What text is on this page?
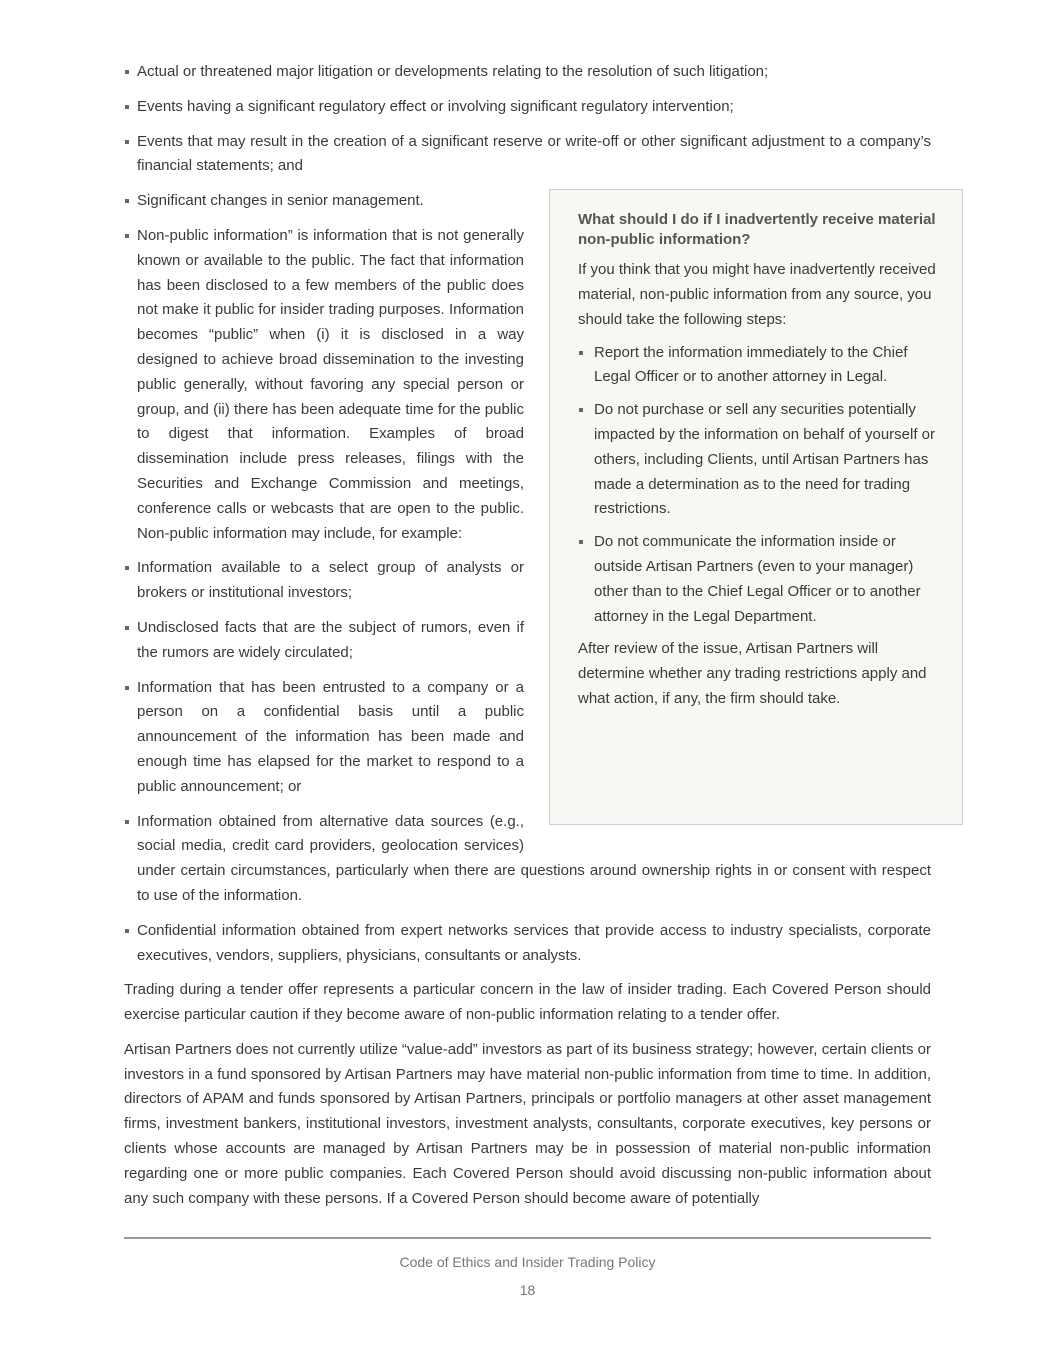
Actual or threatened major litigation or developments relating to the resolution of such litigation;
Events having a significant regulatory effect or involving significant regulatory intervention;
Events that may result in the creation of a significant reserve or write-off or other significant adjustment to a company’s financial statements; and
What should I do if I inadvertently receive material non-public information?

If you think that you might have inadvertently received material, non-public information from any source, you should take the following steps:

Report the information immediately to the Chief Legal Officer or to another attorney in Legal.
Do not purchase or sell any securities potentially impacted by the information on behalf of yourself or others, including Clients, until Artisan Partners has made a determination as to the need for trading restrictions.
Do not communicate the information inside or outside Artisan Partners (even to your manager) other than to the Chief Legal Officer or to another attorney in the Legal Department.

After review of the issue, Artisan Partners will determine whether any trading restrictions apply and what action, if any, the firm should take.

Significant changes in senior management.
Non-public information” is information that is not generally known or available to the public. The fact that information has been disclosed to a few members of the public does not make it public for insider trading purposes. Information becomes “public” when (i) it is disclosed in a way designed to achieve broad dissemination to the investing public generally, without favoring any special person or group, and (ii) there has been adequate time for the public to digest that information. Examples of broad dissemination include press releases, filings with the Securities and Exchange Commission and meetings, conference calls or webcasts that are open to the public. Non-public information may include, for example:
Information available to a select group of analysts or brokers or institutional investors;
Undisclosed facts that are the subject of rumors, even if the rumors are widely circulated;
Information that has been entrusted to a company or a person on a confidential basis until a public announcement of the information has been made and enough time has elapsed for the market to respond to a public announcement; or
Information obtained from alternative data sources (e.g., social media, credit card providers, geolocation services) under certain circumstances, particularly when there are questions around ownership rights in or consent with respect to use of the information.
Confidential information obtained from expert networks services that provide access to industry specialists, corporate executives, vendors, suppliers, physicians, consultants or analysts.

Trading during a tender offer represents a particular concern in the law of insider trading. Each Covered Person should exercise particular caution if they become aware of non-public information relating to a tender offer.

Artisan Partners does not currently utilize “value-add” investors as part of its business strategy; however, certain clients or investors in a fund sponsored by Artisan Partners may have material non-public information from time to time. In addition, directors of APAM and funds sponsored by Artisan Partners, principals or portfolio managers at other asset management firms, investment bankers, institutional investors, investment analysts, consultants, corporate executives, key persons or clients whose accounts are managed by Artisan Partners may be in possession of material non-public information regarding one or more public companies. Each Covered Person should avoid discussing non-public information about any such company with these persons. If a Covered Person should become aware of potentially

Code of Ethics and Insider Trading Policy
18
